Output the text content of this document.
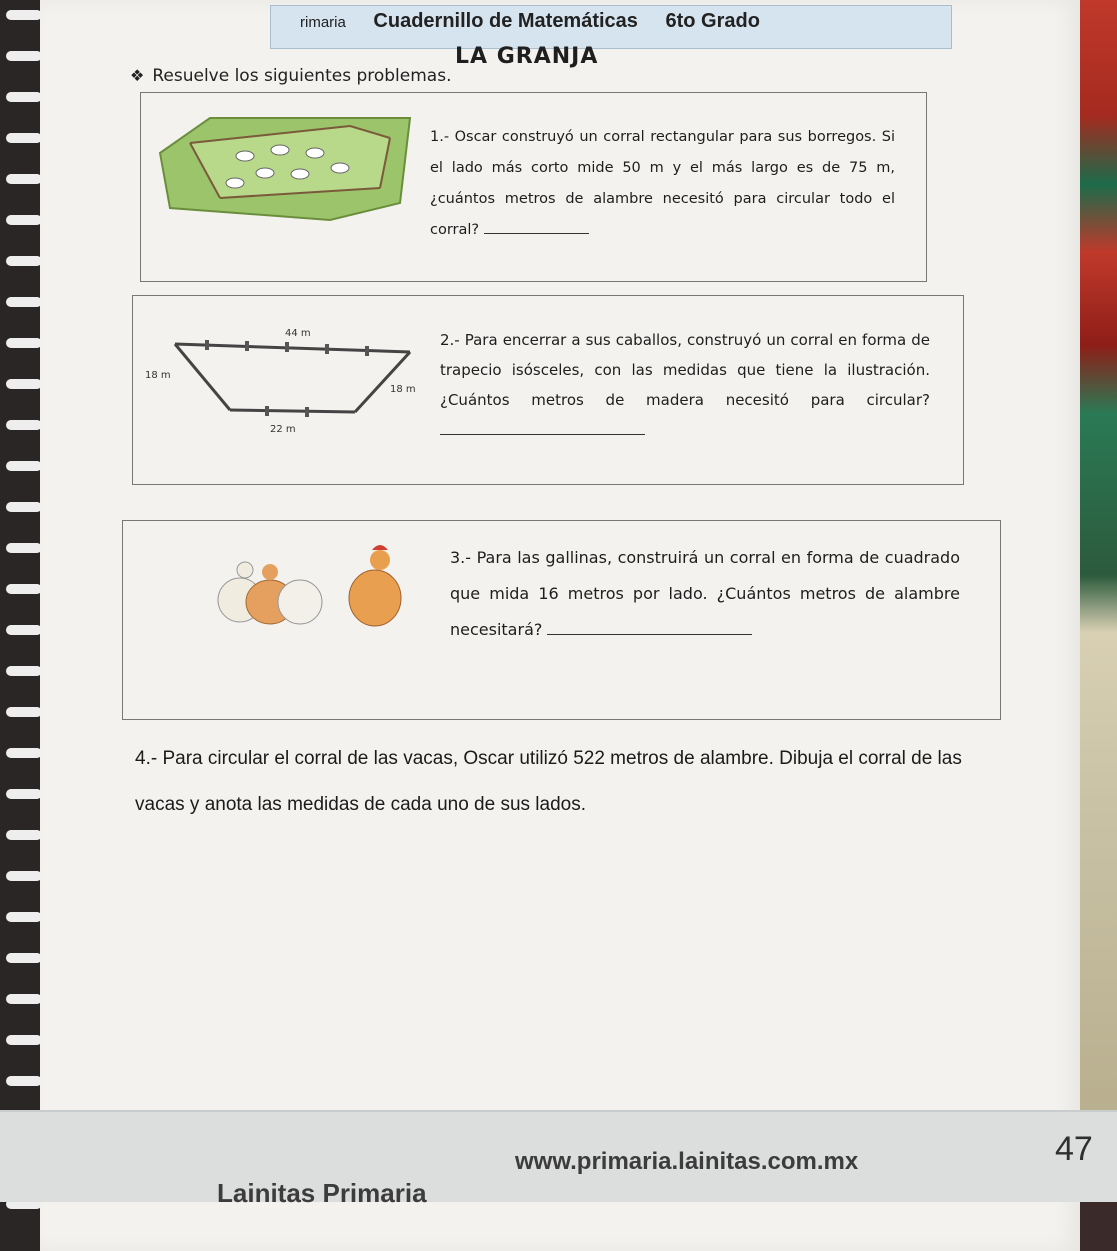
rimaria Cuadernillo de Matemáticas 6to Grado
LA GRANJA
❖ Resuelve los siguientes problemas.
1.- Oscar construyó un corral rectangular para sus borregos. Si el lado más corto mide 50 m y el más largo es de 75 m, ¿cuántos metros de alambre necesitó para circular todo el corral?
44 m
18 m
18 m
22 m
2.- Para encerrar a sus caballos, construyó un corral en forma de trapecio isósceles, con las medidas que tiene la ilustración. ¿Cuántos metros de madera necesitó para circular?
3.- Para las gallinas, construirá un corral en forma de cuadrado que mida 16 metros por lado. ¿Cuántos metros de alambre necesitará?
4.- Para circular el corral de las vacas, Oscar utilizó 522 metros de alambre. Dibuja el corral de las vacas y anota las medidas de cada uno de sus lados.
www.primaria.lainitas.com.mx
Lainitas Primaria
47
